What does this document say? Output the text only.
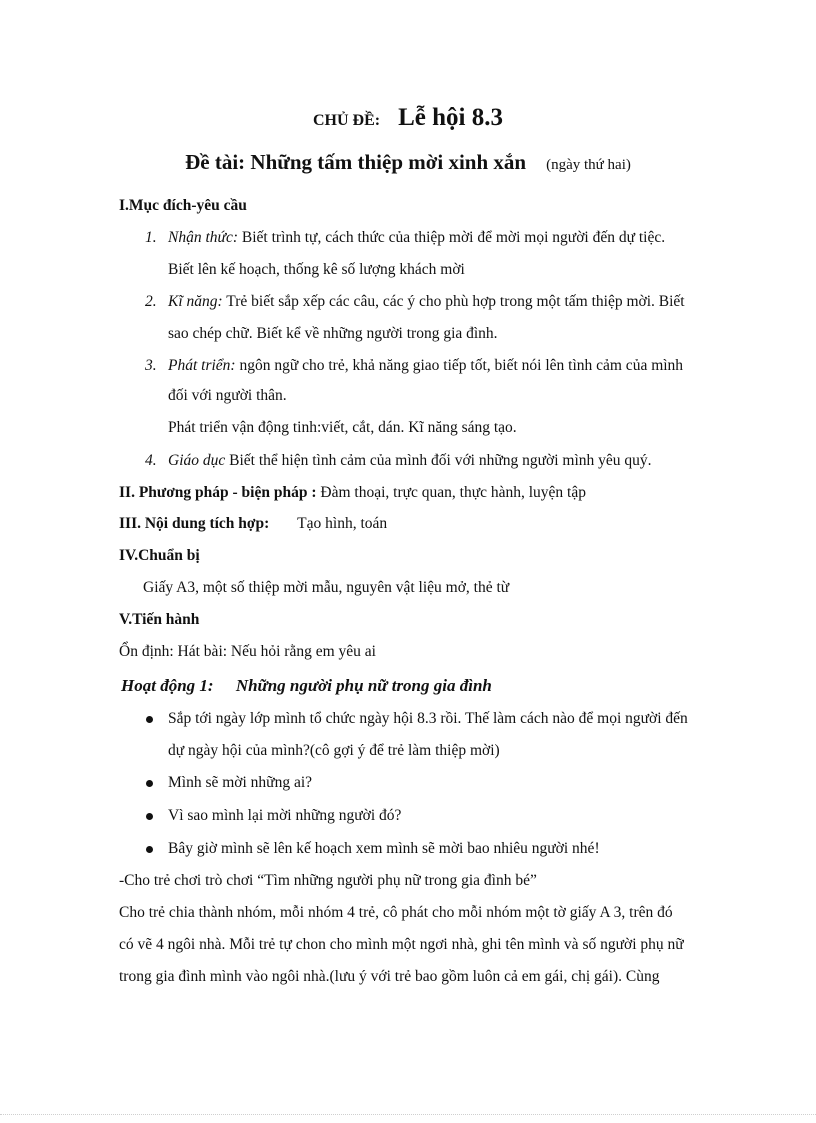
CHỦ ĐỀ: Lễ hội 8.3
Đề tài: Những tấm thiệp mời xinh xắn (ngày thứ hai)
I.Mục đích-yêu cầu
1. Nhận thức: Biết trình tự, cách thức của thiệp mời để mời mọi người đến dự tiệc.
Biết lên kế hoạch, thống kê số lượng khách mời
2. Kĩ năng: Trẻ biết sắp xếp các câu, các ý cho phù hợp trong một tấm thiệp mời. Biết
sao chép chữ. Biết kể về những người trong gia đình.
3. Phát triển: ngôn ngữ cho trẻ, khả năng giao tiếp tốt, biết nói lên tình cảm của mình
đối với người thân.
Phát triển vận động tinh:viết, cắt, dán. Kĩ năng sáng tạo.
4. Giáo dục Biết thể hiện tình cảm của mình đối với những người mình yêu quý.
II. Phương pháp - biện pháp : Đàm thoại, trực quan, thực hành, luyện tập
III. Nội dung tích hợp: Tạo hình, toán
IV.Chuẩn bị
Giấy A3, một số thiệp mời mẫu, nguyên vật liệu mở, thẻ từ
V.Tiến hành
Ổn định: Hát bài: Nếu hỏi rằng em yêu ai
Hoạt động 1: Những người phụ nữ trong gia đình
Sắp tới ngày lớp mình tổ chức ngày hội 8.3 rồi. Thế làm cách nào để mọi người đến
dự ngày hội của mình?(cô gợi ý để trẻ làm thiệp mời)
Mình sẽ mời những ai?
Vì sao mình lại mời những người đó?
Bây giờ mình sẽ lên kế hoạch xem mình sẽ mời bao nhiêu người nhé!
-Cho trẻ chơi trò chơi “Tìm những người phụ nữ trong gia đình bé”
Cho trẻ chia thành nhóm, mỗi nhóm 4 trẻ, cô phát cho mỗi nhóm một tờ giấy A 3, trên đó
có vẽ 4 ngôi nhà. Mỗi trẻ tự chon cho mình một ngơi nhà, ghi tên mình và số người phụ nữ
trong gia đình mình vào ngôi nhà.(lưu ý với trẻ bao gồm luôn cả em gái, chị gái). Cùng
